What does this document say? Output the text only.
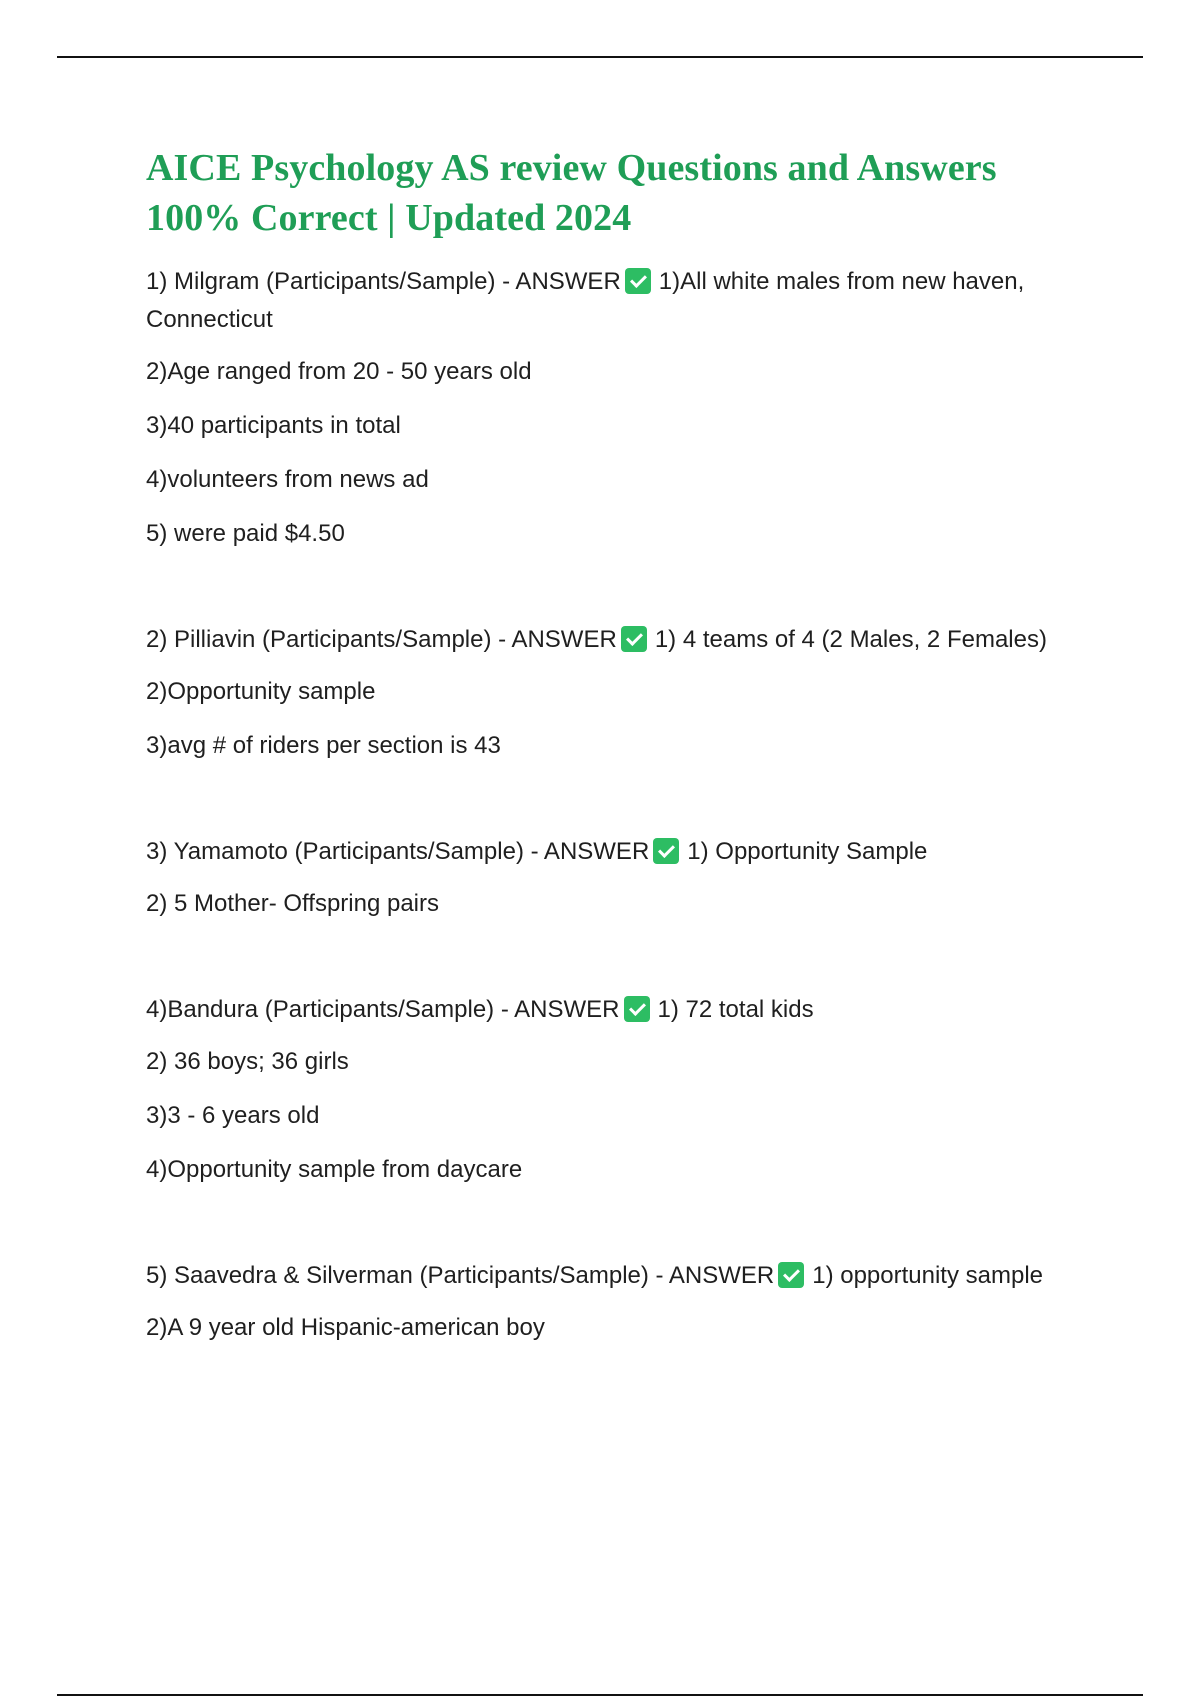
AICE Psychology AS review Questions and Answers 100% Correct | Updated 2024

1) Milgram (Participants/Sample) - ANSWER 1)All white males from new haven, Connecticut

2)Age ranged from 20 - 50 years old

3)40 participants in total

4)volunteers from news ad

5) were paid $4.50

2) Pilliavin (Participants/Sample) - ANSWER 1) 4 teams of 4 (2 Males, 2 Females)

2)Opportunity sample

3)avg # of riders per section is 43

3) Yamamoto (Participants/Sample) - ANSWER 1) Opportunity Sample

2) 5 Mother- Offspring pairs

4)Bandura (Participants/Sample) - ANSWER 1) 72 total kids

2) 36 boys; 36 girls

3)3 - 6 years old

4)Opportunity sample from daycare

5) Saavedra & Silverman (Participants/Sample) - ANSWER 1) opportunity sample

2)A 9 year old Hispanic-american boy
